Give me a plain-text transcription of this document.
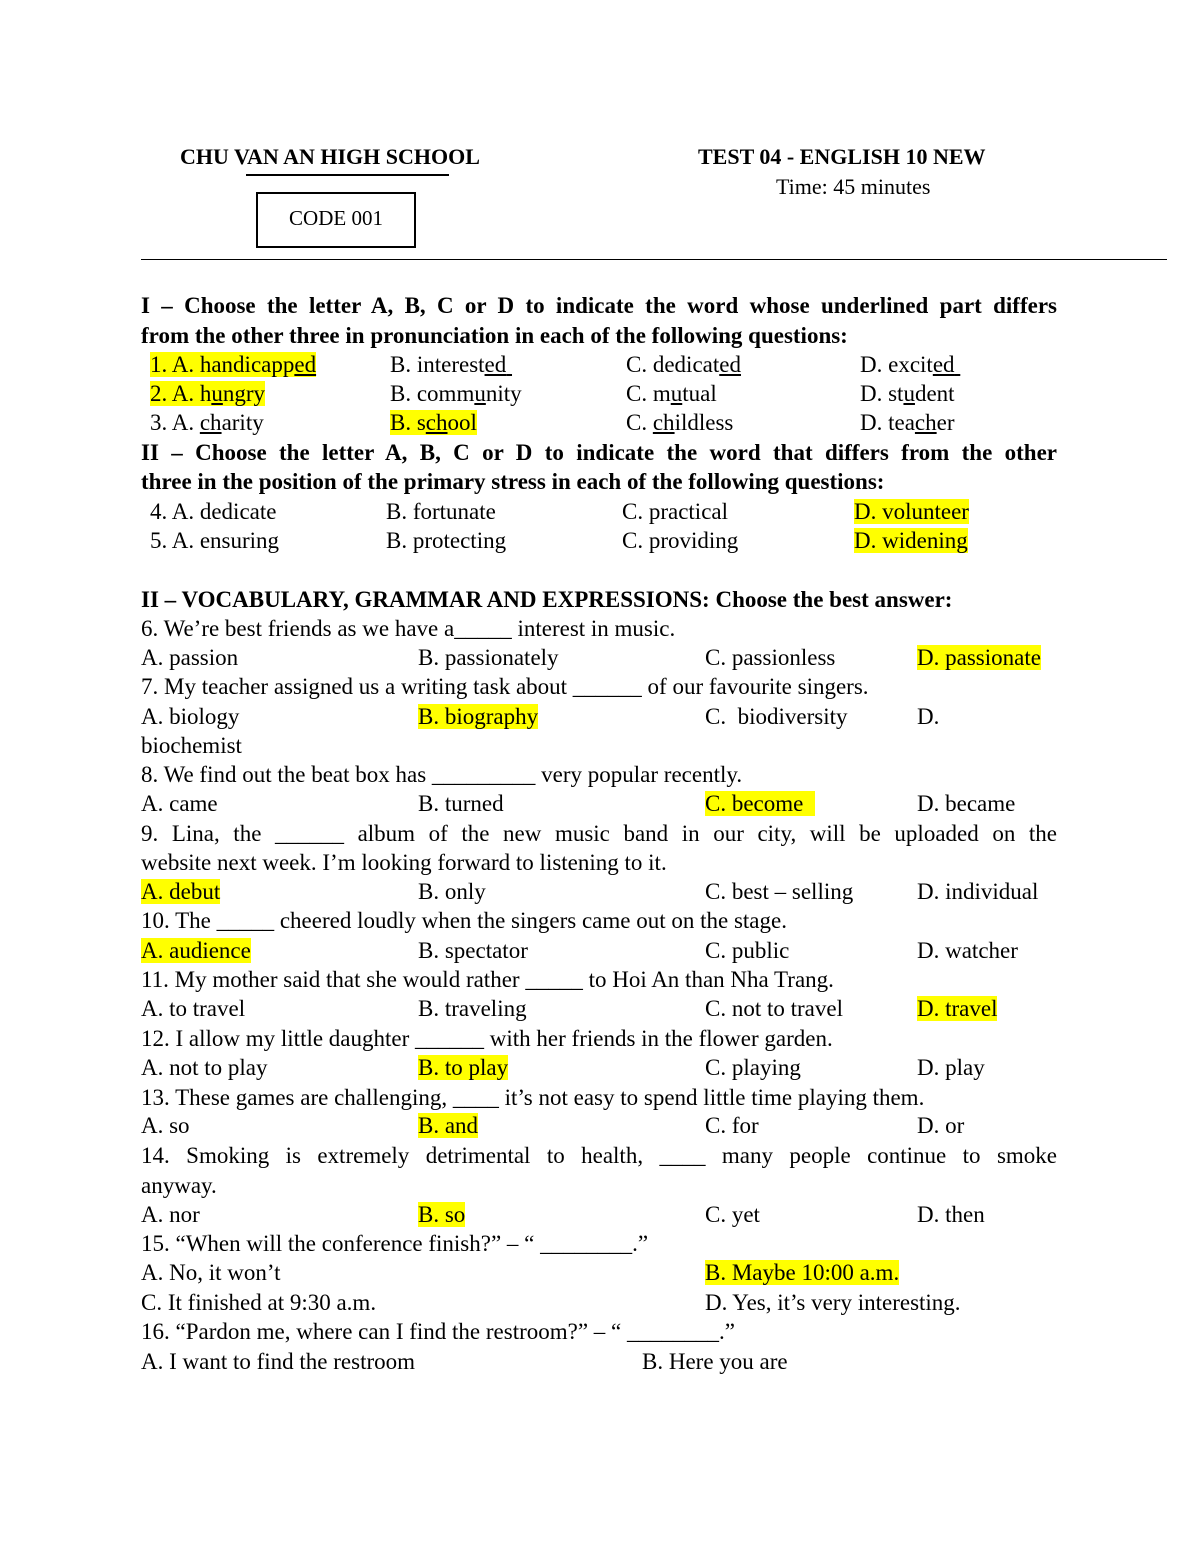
CHU VAN AN HIGH SCHOOL
CODE 001
TEST 04 - ENGLISH 10 NEW
Time: 45 minutes
I – Choose the letter A, B, C or D to indicate the word whose underlined part differs
from the other three in pronunciation in each of the following questions:
1. A. handicapped	B. interested	C. dedicated	D. excited
2. A. hungry	B. community	C. mutual	D. student
3. A. charity	B. school	C. childless	D. teacher
II – Choose the letter A, B, C or D to indicate the word that differs from the other
three in the position of the primary stress in each of the following questions:
4. A. dedicate	B. fortunate	C. practical	D. volunteer
5. A. ensuring	B. protecting	C. providing	D. widening
II – VOCABULARY, GRAMMAR AND EXPRESSIONS: Choose the best answer:
6. We’re best friends as we have a_____ interest in music.
A. passion	B. passionately	C. passionless	D. passionate
7. My teacher assigned us a writing task about ______ of our favourite singers.
A. biology	B. biography	C.  biodiversity	D.
biochemist
8. We find out the beat box has _________ very popular recently.
A. came	B. turned	C. become	D. became
9. Lina, the ______ album of the new music band in our city, will be uploaded on the
website next week. I’m looking forward to listening to it.
A. debut	B. only	C. best – selling	D. individual
10. The _____ cheered loudly when the singers came out on the stage.
A. audience	B. spectator	C. public	D. watcher
11. My mother said that she would rather _____ to Hoi An than Nha Trang.
A. to travel	B. traveling	C. not to travel	D. travel
12. I allow my little daughter ______ with her friends in the flower garden.
A. not to play	B. to play	C. playing	D. play
13. These games are challenging, ____ it’s not easy to spend little time playing them.
A. so	B. and	C. for	D. or
14. Smoking is extremely detrimental to health, ____ many people continue to smoke
anyway.
A. nor	B. so	C. yet	D. then
15. “When will the conference finish?” – “ ________.”
A. No, it won’t	B. Maybe 10:00 a.m.
C. It finished at 9:30 a.m.	D. Yes, it’s very interesting.
16. “Pardon me, where can I find the restroom?” – “ ________.”
A. I want to find the restroom	B. Here you are
